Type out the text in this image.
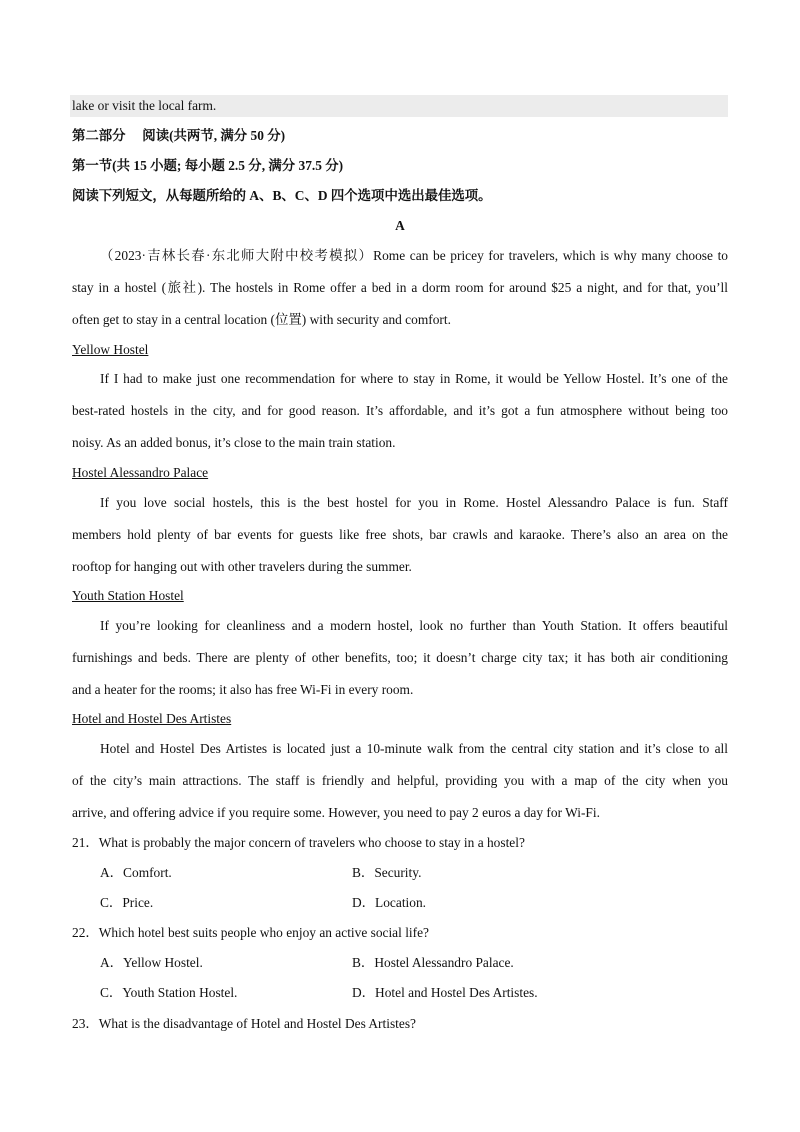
lake or visit the local farm.
第二部分　 阅读(共两节, 满分 50 分)
第一节(共 15 小题; 每小题 2.5 分, 满分 37.5 分)
阅读下列短文，从每题所给的 A、B、C、D 四个选项中选出最佳选项。
A
（2023·吉林长春·东北师大附中校考模拟）Rome can be pricey for travelers, which is why many choose to
stay in a hostel (旅社). The hostels in Rome offer a bed in a dorm room for around $25 a night, and for that, you’ll
often get to stay in a central location (位置) with security and comfort.
Yellow Hostel
If I had to make just one recommendation for where to stay in Rome, it would be Yellow Hostel. It’s one of the
best-rated hostels in the city, and for good reason. It’s affordable, and it’s got a fun atmosphere without being too
noisy. As an added bonus, it’s close to the main train station.
Hostel Alessandro Palace
If you love social hostels, this is the best hostel for you in Rome. Hostel Alessandro Palace is fun. Staff
members hold plenty of bar events for guests like free shots, bar crawls and karaoke. There’s also an area on the
rooftop for hanging out with other travelers during the summer.
Youth Station Hostel
If you’re looking for cleanliness and a modern hostel, look no further than Youth Station. It offers beautiful
furnishings and beds. There are plenty of other benefits, too; it doesn’t charge city tax; it has both air conditioning
and a heater for the rooms; it also has free Wi-Fi in every room.
Hotel and Hostel Des Artistes
Hotel and Hostel Des Artistes is located just a 10-minute walk from the central city station and it’s close to all
of the city’s main attractions. The staff is friendly and helpful, providing you with a map of the city when you
arrive, and offering advice if you require some. However, you need to pay 2 euros a day for Wi-Fi.
21．What is probably the major concern of travelers who choose to stay in a hostel?
A．Comfort.	B．Security.
C．Price.	D．Location.
22．Which hotel best suits people who enjoy an active social life?
A．Yellow Hostel.	B．Hostel Alessandro Palace.
C．Youth Station Hostel.	D．Hotel and Hostel Des Artistes.
23．What is the disadvantage of Hotel and Hostel Des Artistes?
